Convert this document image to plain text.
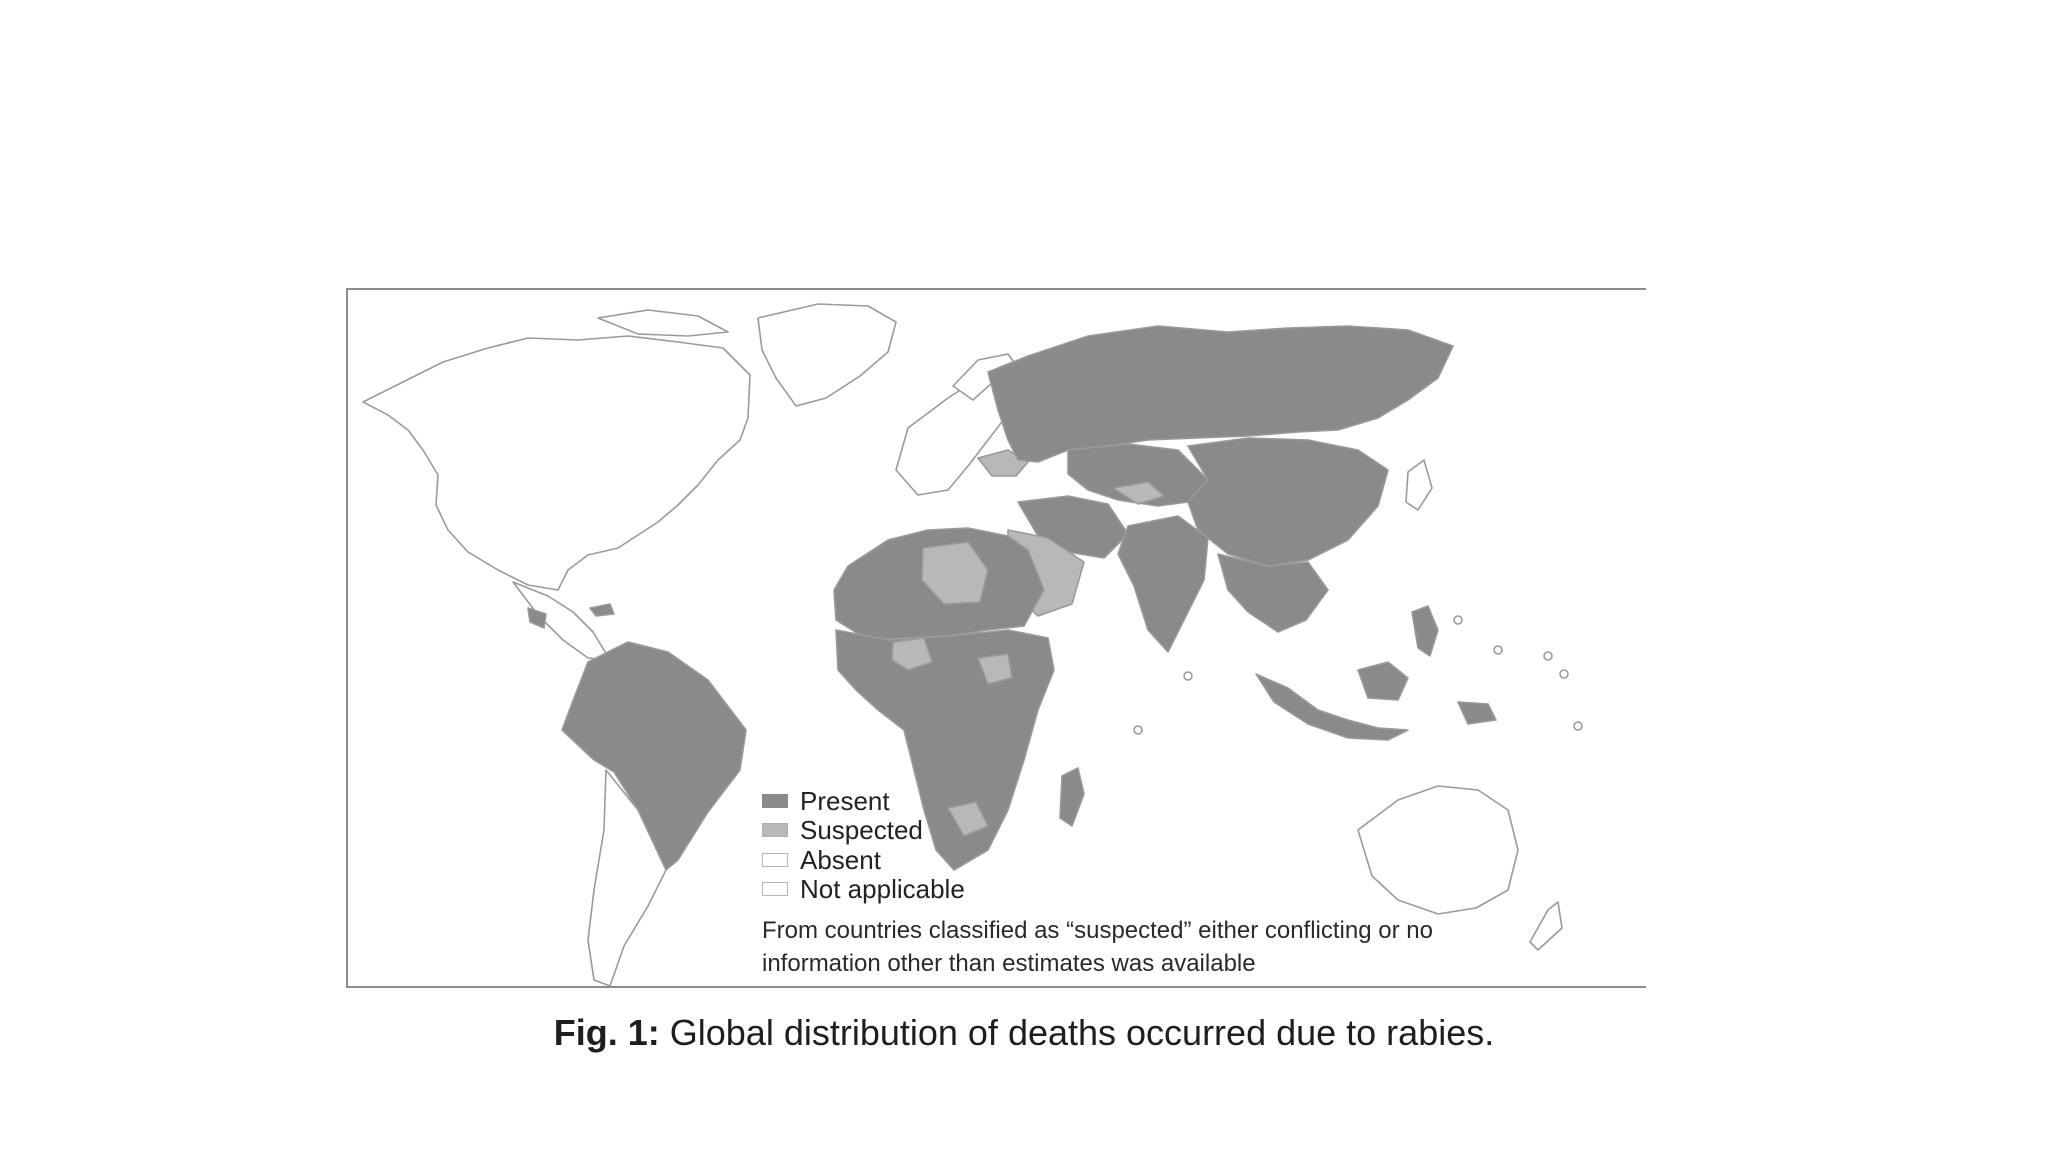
Present
Suspected
Absent
Not applicable
From countries classified as “suspected” either conflicting or no
information other than estimates was available
Fig. 1: Global distribution of deaths occurred due to rabies.
